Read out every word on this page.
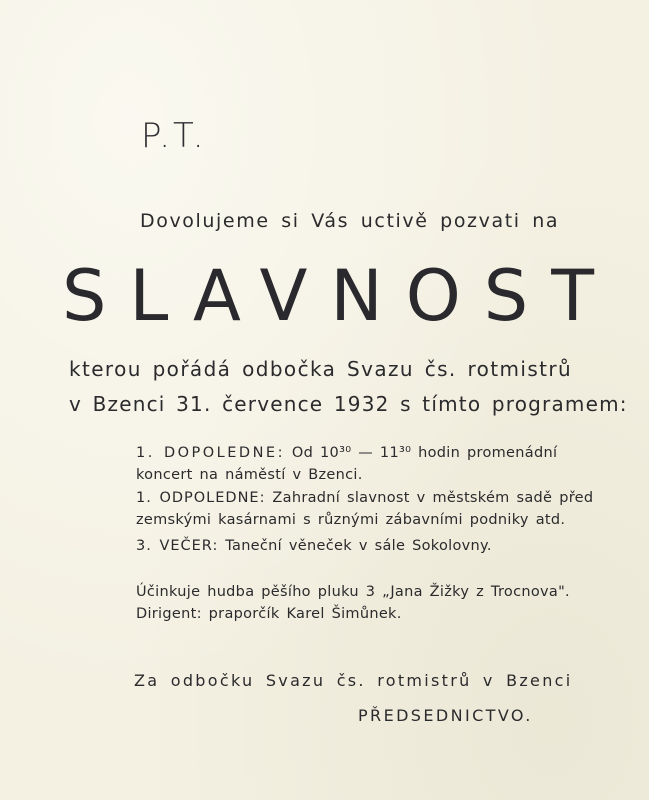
P.T.

Dovolujeme si Vás uctivě pozvati na

SLAVNOST

kterou pořádá odbočka Svazu čs. rotmistrů

v Bzenci 31. července 1932 s tímto programem:

1. DOPOLEDNE: Od 10³⁰ — 11³⁰ hodin promenádní

koncert na náměstí v Bzenci.

1. ODPOLEDNE: Zahradní slavnost v městském sadě před

zemskými kasárnami s různými zábavními podniky atd.

3. VEČER: Taneční věneček v sále Sokolovny.

Účinkuje hudba pěšího pluku 3 „Jana Žižky z Trocnova".

Dirigent: praporčík Karel Šimůnek.

Za odbočku Svazu čs. rotmistrů v Bzenci

PŘEDSEDNICTVO.
